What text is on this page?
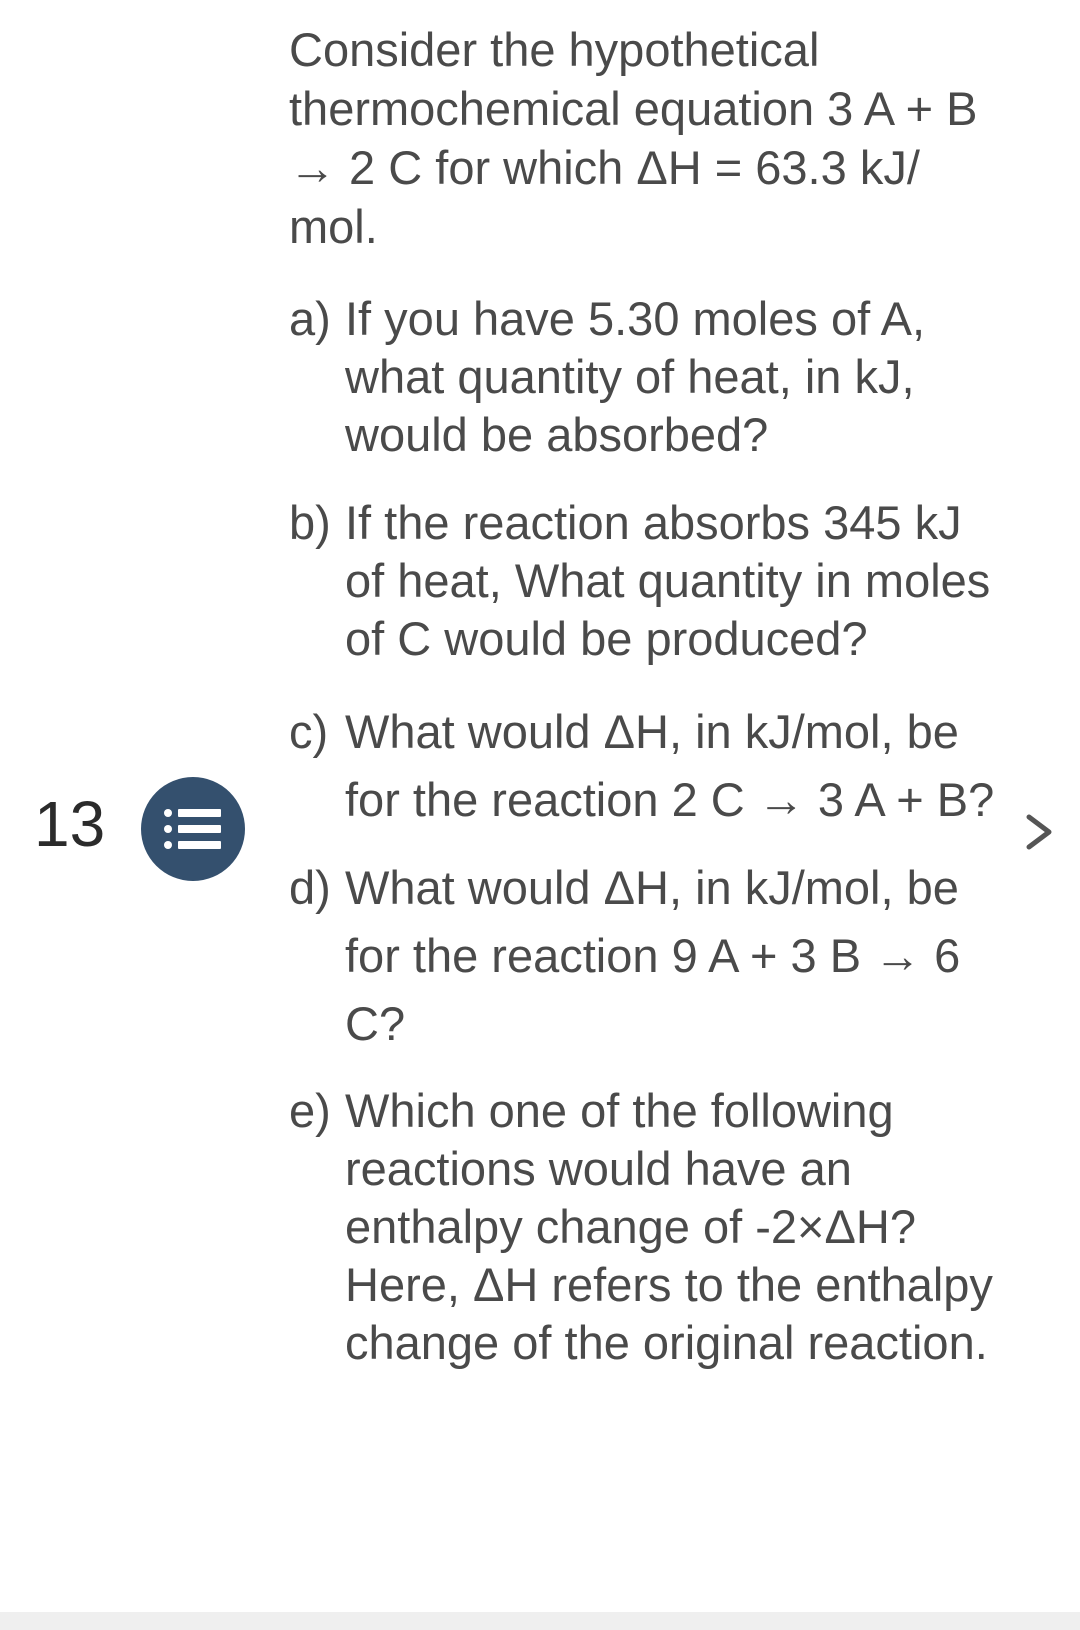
13
Consider the hypothetical thermochemical equation 3 A + B → 2 C for which ΔH = 63.3 kJ/ mol.
a) If you have 5.30 moles of A, what quantity of heat, in kJ, would be absorbed?
b) If the reaction absorbs 345 kJ of heat, What quantity in moles of C would be produced?
c) What would ΔH, in kJ/mol, be for the reaction 2 C → 3 A + B?
d) What would ΔH, in kJ/mol, be for the reaction 9 A + 3 B → 6 C?
e) Which one of the following reactions would have an enthalpy change of -2×ΔH? Here, ΔH refers to the enthalpy change of the original reaction.
